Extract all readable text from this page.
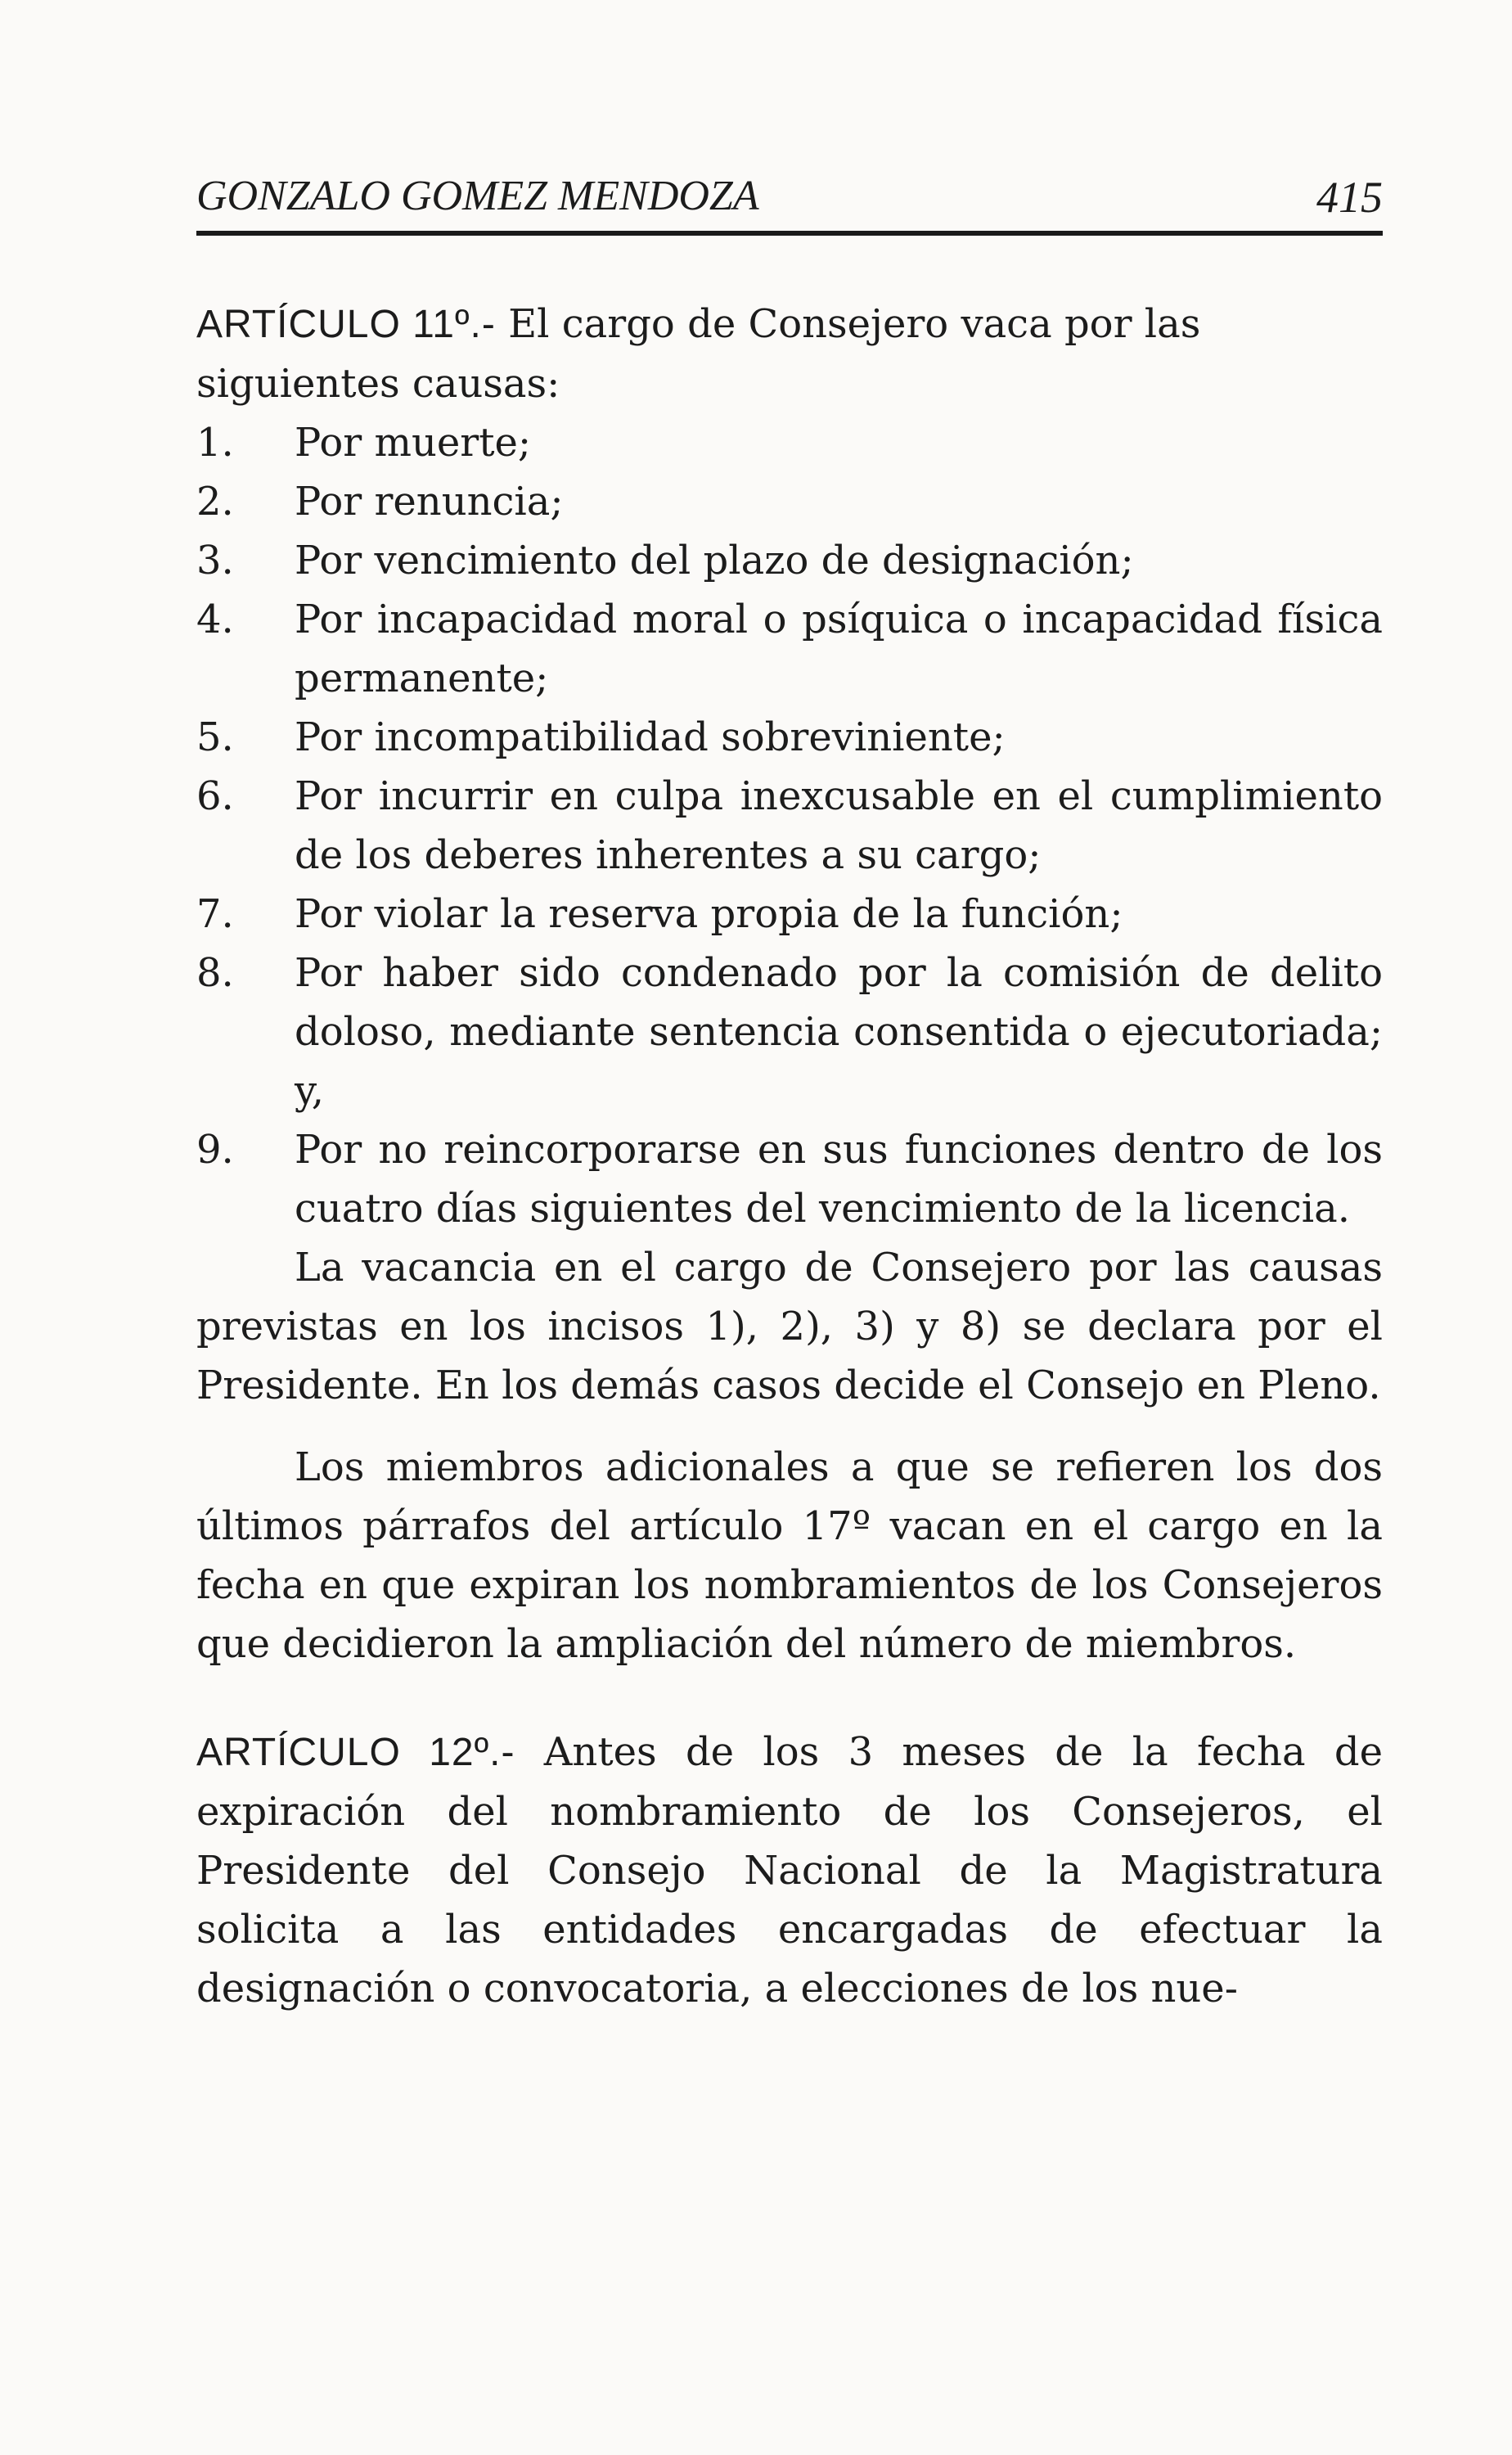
GONZALO GOMEZ MENDOZA	415

ARTÍCULO 11º.- El cargo de Consejero vaca por las siguientes causas:

1.	Por muerte;
2.	Por renuncia;
3.	Por vencimiento del plazo de designación;
4.	Por incapacidad moral o psíquica o incapacidad física permanente;
5.	Por incompatibilidad sobreviniente;
6.	Por incurrir en culpa inexcusable en el cumplimiento de los deberes inherentes a su cargo;
7.	Por violar la reserva propia de la función;
8.	Por haber sido condenado por la comisión de delito doloso, mediante sentencia consentida o ejecutoriada; y,
9.	Por no reincorporarse en sus funciones dentro de los cuatro días siguientes del vencimiento de la licencia.

La vacancia en el cargo de Consejero por las causas previstas en los incisos 1), 2), 3) y 8) se declara por el Presidente. En los demás casos decide el Consejo en Pleno.

Los miembros adicionales a que se refieren los dos últimos párrafos del artículo 17º vacan en el cargo en la fecha en que expiran los nombramientos de los Consejeros que decidieron la ampliación del número de miembros.

ARTÍCULO 12º.- Antes de los 3 meses de la fecha de expiración del nombramiento de los Consejeros, el Presidente del Consejo Nacional de la Magistratura solicita a las entidades encargadas de efectuar la designación o convocatoria, a elecciones de los nue-
